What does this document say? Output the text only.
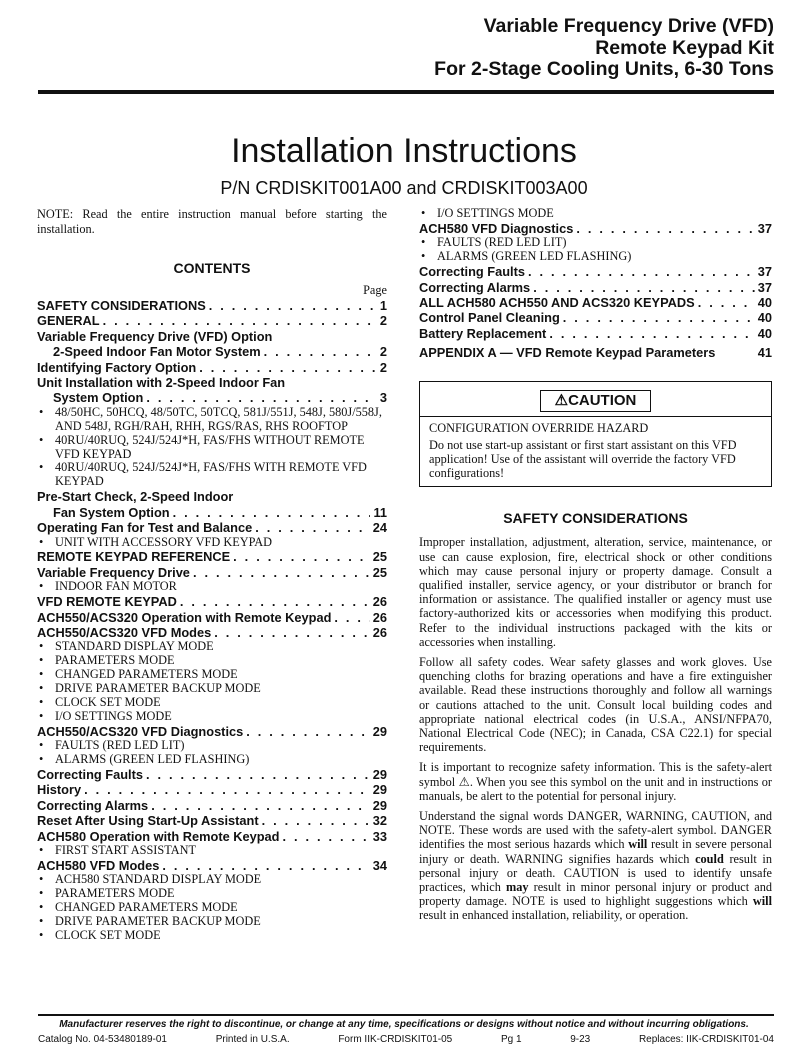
Variable Frequency Drive (VFD)
Remote Keypad Kit
For 2-Stage Cooling Units, 6-30 Tons
Installation Instructions
P/N CRDISKIT001A00 and CRDISKIT003A00

NOTE: Read the entire instruction manual before starting the installation.

CONTENTS
Page
SAFETY CONSIDERATIONS . . .	1
GENERAL . . .	2
Variable Frequency Drive (VFD) Option
2-Speed Indoor Fan Motor System . . .	2
Identifying Factory Option . . .	2
Unit Installation with 2-Speed Indoor Fan
System Option . . .	3
• 48/50HC, 50HCQ, 48/50TC, 50TCQ, 581J/551J, 548J, 580J/558J, AND 548J, RGH/RAH, RHH, RGS/RAS, RHS ROOFTOP
• 40RU/40RUQ, 524J/524J*H, FAS/FHS WITHOUT REMOTE VFD KEYPAD
• 40RU/40RUQ, 524J/524J*H, FAS/FHS WITH REMOTE VFD KEYPAD
Pre-Start Check, 2-Speed Indoor
Fan System Option . . .	11
Operating Fan for Test and Balance . . .	24
• UNIT WITH ACCESSORY VFD KEYPAD
REMOTE KEYPAD REFERENCE . . .	25
Variable Frequency Drive . . .	25
• INDOOR FAN MOTOR
VFD REMOTE KEYPAD . . .	26
ACH550/ACS320 Operation with Remote Keypad . . .	26
ACH550/ACS320 VFD Modes . . .	26
• STANDARD DISPLAY MODE
• PARAMETERS MODE
• CHANGED PARAMETERS MODE
• DRIVE PARAMETER BACKUP MODE
• CLOCK SET MODE
• I/O SETTINGS MODE
ACH550/ACS320 VFD Diagnostics . . .	29
• FAULTS (RED LED LIT)
• ALARMS (GREEN LED FLASHING)
Correcting Faults . . .	29
History . . .	29
Correcting Alarms . . .	29
Reset After Using Start-Up Assistant . . .	32
ACH580 Operation with Remote Keypad . . .	33
• FIRST START ASSISTANT
ACH580 VFD Modes . . .	34
• ACH580 STANDARD DISPLAY MODE
• PARAMETERS MODE
• CHANGED PARAMETERS MODE
• DRIVE PARAMETER BACKUP MODE
• CLOCK SET MODE
• I/O SETTINGS MODE
ACH580 VFD Diagnostics . . .	37
• FAULTS (RED LED LIT)
• ALARMS (GREEN LED FLASHING)
Correcting Faults . . .	37
Correcting Alarms . . .	37
ALL ACH580 ACH550 AND ACS320 KEYPADS . . .	40
Control Panel Cleaning . . .	40
Battery Replacement . . .	40
APPENDIX A — VFD Remote Keypad Parameters	41
⚠CAUTION

CONFIGURATION OVERRIDE HAZARD

Do not use start-up assistant or first start assistant on this VFD application! Use of the assistant will override the factory VFD configurations!

SAFETY CONSIDERATIONS

Improper installation, adjustment, alteration, service, maintenance, or use can cause explosion, fire, electrical shock or other conditions which may cause personal injury or property damage. Consult a qualified installer, service agency, or your distributor or branch for information or assistance. The qualified installer or agency must use factory-authorized kits or accessories when modifying this product. Refer to the individual instructions packaged with the kits or accessories when installing.

Follow all safety codes. Wear safety glasses and work gloves. Use quenching cloths for brazing operations and have a fire extinguisher available. Read these instructions thoroughly and follow all warnings or cautions attached to the unit. Consult local building codes and appropriate national electrical codes (in U.S.A., ANSI/NFPA70, National Electrical Code (NEC); in Canada, CSA C22.1) for special requirements.

It is important to recognize safety information. This is the safety-alert symbol ⚠. When you see this symbol on the unit and in instructions or manuals, be alert to the potential for personal injury.

Understand the signal words DANGER, WARNING, CAUTION, and NOTE. These words are used with the safety-alert symbol. DANGER identifies the most serious hazards which will result in severe personal injury or death. WARNING signifies hazards which could result in personal injury or death. CAUTION is used to identify unsafe practices, which may result in minor personal injury or product and property damage. NOTE is used to highlight suggestions which will result in enhanced installation, reliability, or operation.

Manufacturer reserves the right to discontinue, or change at any time, specifications or designs without notice and without incurring obligations.
Catalog No. 04-53480189-01	Printed in U.S.A.	Form IIK-CRDISKIT01-05	Pg 1	9-23	Replaces: IIK-CRDISKIT01-04
